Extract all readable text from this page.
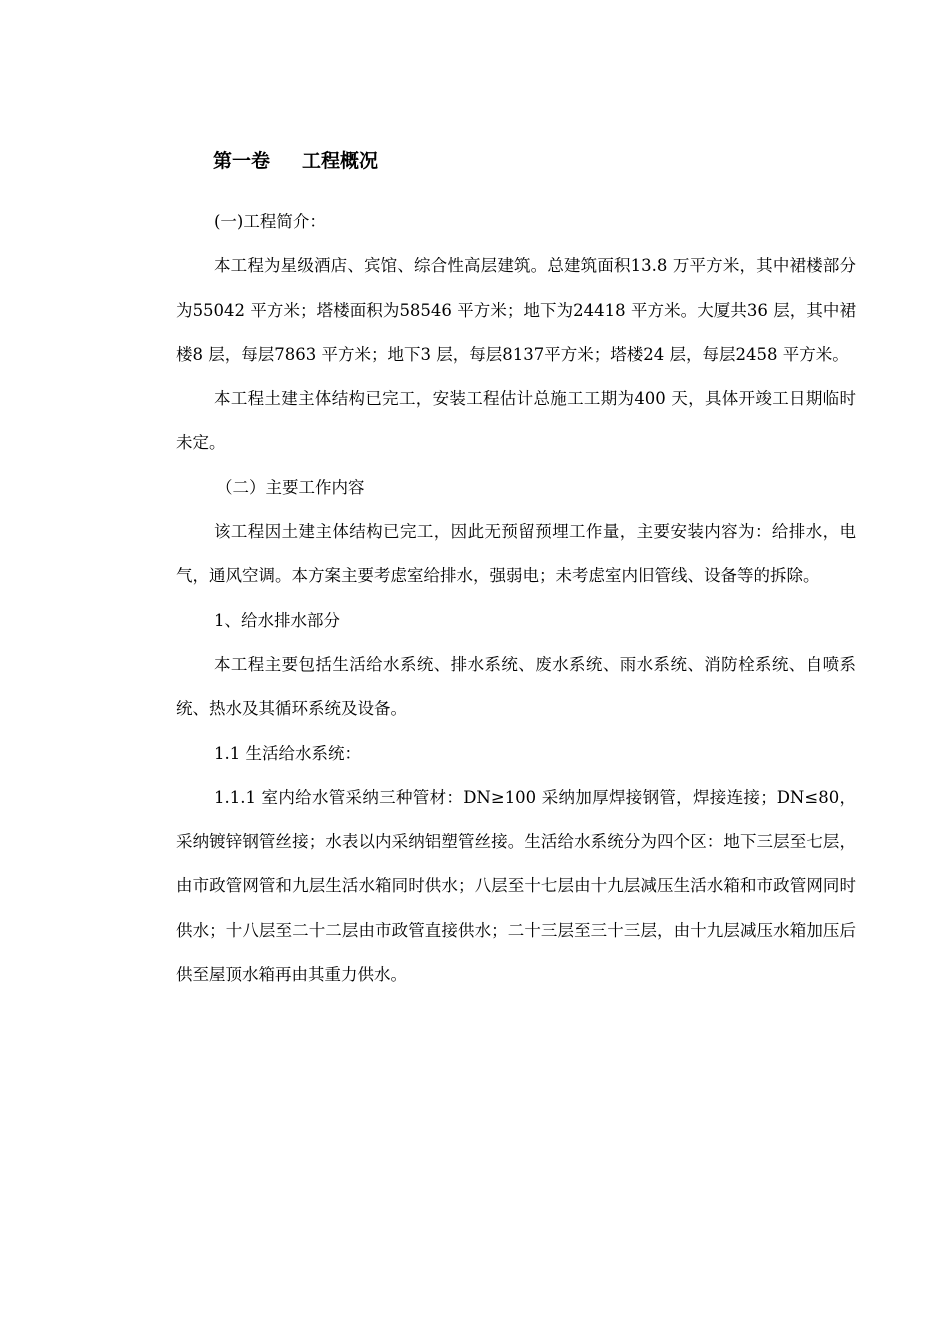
第一卷 工程概况

(一)工程简介：

本工程为星级酒店、宾馆、综合性高层建筑。总建筑面积13.8 万平方米，其中裙楼部分为55042 平方米；塔楼面积为58546 平方米；地下为24418 平方米。大厦共36 层，其中裙楼8 层，每层7863 平方米；地下3 层，每层8137平方米；塔楼24 层，每层2458 平方米。

本工程土建主体结构已完工，安装工程估计总施工工期为400 天，具体开竣工日期临时未定。

（二）主要工作内容

该工程因土建主体结构已完工，因此无预留预埋工作量，主要安装内容为：给排水，电气，通风空调。本方案主要考虑室给排水，强弱电；未考虑室内旧管线、设备等的拆除。

1、给水排水部分

本工程主要包括生活给水系统、排水系统、废水系统、雨水系统、消防栓系统、自喷系统、热水及其循环系统及设备。

1.1 生活给水系统：

1.1.1 室内给水管采纳三种管材：DN≥100 采纳加厚焊接钢管，焊接连接；DN≤80，采纳镀锌钢管丝接；水表以内采纳铝塑管丝接。生活给水系统分为四个区：地下三层至七层，由市政管网管和九层生活水箱同时供水；八层至十七层由十九层减压生活水箱和市政管网同时供水；十八层至二十二层由市政管直接供水；二十三层至三十三层，由十九层减压水箱加压后供至屋顶水箱再由其重力供水。
